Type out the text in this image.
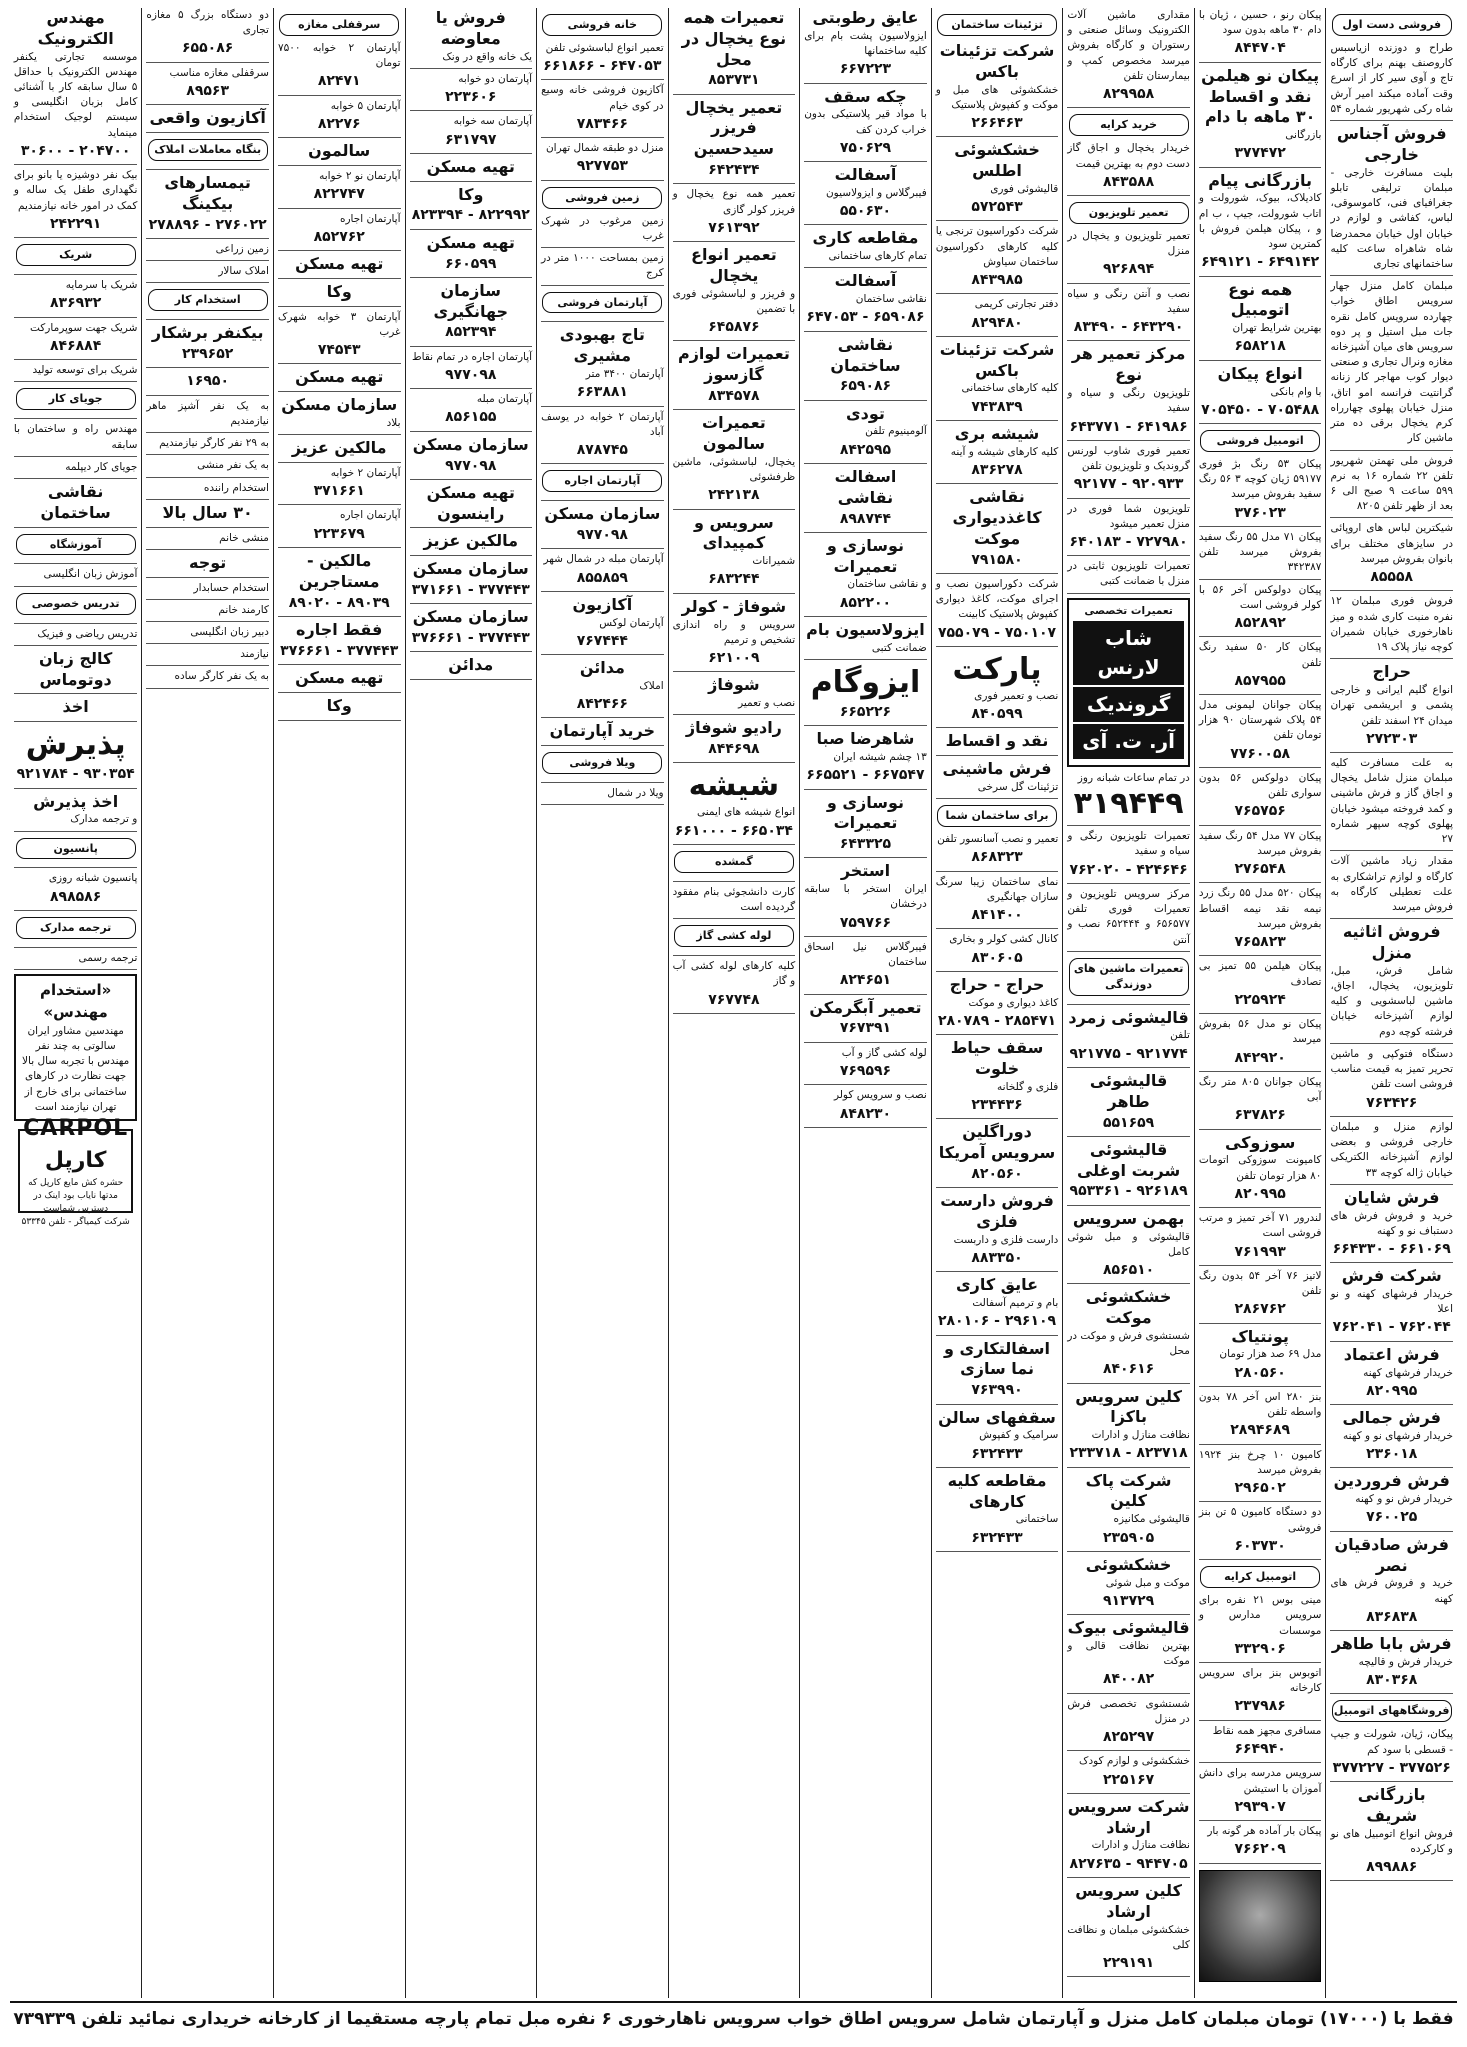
فروشی دست اول
طراح و دوزنده ازیاسبس کاروصنف بهنم برای کارگاه تاج و آوی سیر کار از اسرع وقت آماده میکند امیر آرش شاه رکی شهریور شماره ۵۴
فروش آجناس خارجی
بلیت مسافرت خارجی - مبلمان ترلیفی تابلو جغرافیای فنی، کاموسوقی، لباس، کفاشی و لوازم در خیابان اول خیابان محمدرضا شاه شاهراه ساعت کلیه ساختمانهای تجاری
مبلمان کامل منزل جهار سرویس اطاق خواب چهارده سرویس کامل نقره جات مبل استیل و پر دوه سرویس های میان آشپزخانه مغازه ونرال تجاری و صنعتی دیوار کوب مهاجر کار زنانه گرانتیت فرانسه امو اتاق، منزل خیابان پهلوی چهارراه کرم یخچال برقی ده متر ماشین کار
فروش ملی تهمتن شهریور تلفن ۲۲ شماره ۱۶ به نرم ۵۹۹ ساعت ۹ صبح الی ۶ بعد از ظهر تلفن ۸۲۰۵
شیکترین لباس های اروپائی در سایزهای مختلف برای بانوان بفروش میرسد
۸۵۵۵۸
فروش فوری مبلمان ۱۲ نفره منبت کاری شده و میز ناهارخوری خیابان شمیران کوچه نیاز پلاک ۱۹
حراج
انواع گلیم ایرانی و خارجی پشمی و ابریشمی تهران میدان ۲۴ اسفند تلفن
۲۷۲۳۰۳
به علت مسافرت کلیه مبلمان منزل شامل یخچال و اجاق گاز و فرش ماشینی و کمد فروخته میشود خیابان پهلوی کوچه سپهر شماره ۲۷
مقدار زیاد ماشین آلات کارگاه و لوازم تراشکاری به علت تعطیلی کارگاه به فروش میرسد
فروش اثاثیه منزل
شامل فرش، مبل، تلویزیون، یخچال، اجاق، ماشین لباسشویی و کلیه لوازم آشپزخانه خیابان فرشته کوچه دوم
دستگاه فتوکپی و ماشین تحریر تمیز به قیمت مناسب فروشی است تلفن
۷۶۳۴۲۶
لوازم منزل و مبلمان خارجی فروشی و بعضی لوازم آشپزخانه الکتریکی خیابان ژاله کوچه ۳۳
فرش شایان
خرید و فروش فرش های دستباف نو و کهنه
۶۶۱۰۶۹ - ۶۶۴۳۳۰
شرکت فرش
خریدار فرشهای کهنه و نو اعلا
۷۶۲۰۴۴ - ۷۶۲۰۴۱
فرش اعتماد
خریدار فرشهای کهنه
۸۲۰۹۹۵
فرش جمالی
خریدار فرشهای نو و کهنه
۲۳۶۰۱۸
فرش فروردین
خریدار فرش نو و کهنه
۷۶۰۰۲۵
فرش صادقیان نصر
خرید و فروش فرش های کهنه
۸۳۶۸۳۸
فرش بابا طاهر
خریدار فرش و قالیچه
۸۳۰۳۶۸
فروشگاههای اتومبیل
پیکان، ژیان، شورلت و جیپ - قسطی با سود کم
۳۷۷۵۲۶ - ۳۷۷۲۲۷
بازرگانی شریف
فروش انواع اتومبیل های نو و کارکرده
۸۹۹۸۸۶
پیکان رنو ، حسین ، ژیان با دام ۳۰ ماهه بدون سود
۸۴۴۷۰۴
پیکان نو هیلمن نقد و اقساط ۳۰ ماهه با دام
بازرگانی
۳۷۷۴۷۲
بازرگانی پیام
کادیلاک، بیوک، شورولت و اتاب شورولت، جیپ ، ب ام و ، پیکان هیلمن فروش با کمترین سود
۶۴۹۱۴۲ - ۶۴۹۱۲۱
همه نوع اتومبیل
بهترین شرایط تهران
۶۵۸۲۱۸
انواع پیکان
با وام بانکی
۷۰۵۴۸۸ - ۷۰۵۴۵۰
اتومبیل فروشی
پیکان ۵۳ رنگ بژ فوری ۵۹۱۷۷ ژیان کوچه ۳ ۵۶ رنگ سفید بفروش میرسد
۳۷۶۰۲۳
پیکان ۷۱ مدل ۵۵ رنگ سفید بفروش میرسد تلفن ۳۴۲۳۸۷
پیکان دولوکس آخر ۵۶ با کولر فروشی است
۸۵۲۸۹۲
پیکان کار ۵۰ سفید رنگ تلفن
۸۵۷۹۵۵
پیکان جوانان لیمونی مدل ۵۴ پلاک شهرستان ۹۰ هزار تومان تلفن
۷۷۶۰۰۵۸
پیکان دولوکس ۵۶ بدون سواری تلفن
۷۶۵۷۵۶
پیکان ۷۷ مدل ۵۴ رنگ سفید بفروش میرسد
۲۷۶۵۴۸
پیکان ۵۲۰ مدل ۵۵ رنگ زرد نیمه نقد نیمه اقساط بفروش میرسد
۷۶۵۸۲۳
پیکان هیلمن ۵۵ تمیز بی تصادف
۲۲۵۹۲۴
پیکان نو مدل ۵۶ بفروش میرسد
۸۴۲۹۲۰
پیکان جوانان ۸۰۵ متر رنگ آبی
۶۳۷۸۲۶
سوزوکی
کامیونت سوزوکی اتومات ۸۰ هزار تومان تلفن
۸۲۰۹۹۵
لندرور ۷۱ آخر تمیز و مرتب فروشی است
۷۶۱۹۹۳
لاتیز ۷۶ آخر ۵۴ بدون رنگ تلفن
۲۸۶۷۶۲
پونتیاک
مدل ۶۹ صد هزار تومان
۲۸۰۵۶۰
بنز ۲۸۰ اس آخر ۷۸ بدون واسطه تلفن
۲۸۹۴۶۸۹
کامیون ۱۰ چرخ بنز ۱۹۲۴ بفروش میرسد
۲۹۶۵۰۲
دو دستگاه کامیون ۵ تن بنز فروشی
۶۰۳۷۳۰
اتومبیل کرایه
مینی بوس ۲۱ نفره برای سرویس مدارس و موسسات
۳۳۲۹۰۶
اتوبوس بنز برای سرویس کارخانه
۲۳۷۹۸۶
مسافری مجهز همه نقاط
۶۶۴۹۴۰
سرویس مدرسه برای دانش آموزان با استیشن
۲۹۳۹۰۷
پیکان بار آماده هر گونه بار
۷۶۶۲۰۹
مقداری ماشین آلات الکترونیک وسائل صنعتی و رستوران و کارگاه بفروش میرسد مخصوص کمپ و بیمارستان تلفن
۸۲۹۹۵۸
خرید کرایه
خریدار یخچال و اجاق گاز دست دوم به بهترین قیمت
۸۴۳۵۸۸
تعمیر تلویزیون
تعمیر تلویزیون و یخچال در منزل
۹۲۶۸۹۴
نصب و آنتن رنگی و سیاه سفید
۶۴۳۲۹۰ - ۸۳۴۹۰
مرکز تعمیر هر نوع
تلویزیون رنگی و سیاه و سفید
۶۴۱۹۸۶ - ۶۴۳۷۷۱
تعمیر فوری شاوب لورنس گروندیک و تلویزیون تلفن
۹۲۰۹۳۳ - ۹۲۱۷۷
تلویزیون شما فوری در منزل تعمیر میشود
۷۲۷۹۸۰ - ۶۴۰۱۸۳
تعمیرات تلویزیون ثابتی در منزل با ضمانت کتبی
تعمیرات تخصصی
شاب لارنس
گروندیک
آر. ت. آی
در تمام ساعات شبانه روز
۳۱۹۴۴۹
تعمیرات تلویزیون رنگی و سیاه و سفید
۴۲۴۶۴۶ - ۷۶۲۰۲۰
مرکز سرویس تلویزیون و تعمیرات فوری تلفن ۶۵۶۵۷۷ و ۶۵۲۴۴۴ نصب و آنتن
تعمیرات ماشین های دوزندگی
قالیشوئی زمرد
تلفن
۹۲۱۷۷۴ - ۹۲۱۷۷۵
قالیشوئی طاهر
۵۵۱۶۵۹
قالیشوئی شربت اوغلی
۹۲۶۱۸۹ - ۹۵۳۳۶۱
بهمن سرویس
قالیشوئی و مبل شوئی کامل
۸۵۶۵۱۰
خشکشوئی موکت
شستشوی فرش و موکت در محل
۸۴۰۶۱۶
کلین سرویس باکزا
نظافت منازل و ادارات
۸۲۳۷۱۸ - ۲۳۳۷۱۸
شرکت پاک کلین
قالیشوئی مکانیزه
۲۳۵۹۰۵
خشکشوئی
موکت و مبل شوئی
۹۱۳۷۲۹
قالیشوئی بیوک
بهترین نظافت قالی و موکت
۸۴۰۰۸۲
شستشوی تخصصی فرش در منزل
۸۲۵۲۹۷
خشکشوئی و لوازم کودک
۲۲۵۱۶۷
شرکت سرویس ارشاد
نظافت منازل و ادارات
۹۴۴۷۰۵ - ۸۲۷۶۳۵
کلین سرویس ارشاد
خشکشوئی مبلمان و نظافت کلی
۲۲۹۱۹۱
تزئینات ساختمان
شرکت تزئینات باکس
خشکشوئی های مبل و موکت و کفپوش پلاستیک
۲۶۶۴۶۳
خشکشوئی اطلس
قالیشوئی فوری
۵۷۲۵۴۳
شرکت دکوراسیون ترنجی یا کلیه کارهای دکوراسیون ساختمان سیاوش
۸۴۳۹۸۵
دفتر تجارتی کریمی
۸۲۹۴۸۰
شرکت تزئینات باکس
کلیه کارهای ساختمانی
۷۴۳۸۳۹
شیشه بری
کلیه کارهای شیشه و آینه
۸۳۶۲۷۸
نقاشی کاغذدیواری موکت
۷۹۱۵۸۰
شرکت دکوراسیون نصب و اجرای موکت، کاغذ دیواری کفپوش پلاستیک کابینت
۷۵۰۱۰۷ - ۷۵۵۰۷۹
پارکت
نصب و تعمیر فوری
۸۴۰۵۹۹
نقد و اقساط
فرش ماشینی
تزئینات گل سرخی
برای ساختمان شما
تعمیر و نصب آسانسور تلفن
۸۶۸۳۲۳
نمای ساختمان زیبا سرنگ سازان جهانگیری
۸۴۱۴۰۰
کانال کشی کولر و بخاری
۸۳۰۶۰۵
حراج - حراج
کاغذ دیواری و موکت
۲۸۵۴۷۱ - ۲۸۰۷۸۹
سقف حیاط خلوت
فلزی و گلخانه
۲۳۴۴۳۶
دوراگلین سرویس آمریکا
۸۲۰۵۶۰
فروش دارست فلزی
دارست فلزی و داربست
۸۸۳۳۵۰
عایق کاری
بام و ترمیم آسفالت
۲۹۶۱۰۹ - ۲۸۰۱۰۶
اسفالتکاری و نما سازی
۷۶۳۹۹۰
سقفهای سالن
سرامیک و کفپوش
۶۳۲۴۳۳
مقاطعه کلیه کارهای
ساختمانی
۶۳۲۴۳۳
عایق رطوبتی
ایزولاسیون پشت بام برای کلیه ساختمانها
۶۶۷۲۲۳
چکه سقف
با مواد قیر پلاستیکی بدون خراب کردن کف
۷۵۰۶۲۹
آسفالت
فیبرگلاس و ایزولاسیون
۵۵۰۶۳۰
مقاطعه کاری
تمام کارهای ساختمانی
آسفالت
نقاشی ساختمان
۶۵۹۰۸۶ - ۶۴۷۰۵۳
نقاشی ساختمان
۶۵۹۰۸۶
تودی
آلومینیوم تلفن
۸۴۲۵۹۵
اسفالت نقاشی
۸۹۸۷۴۴
نوسازی و تعمیرات
و نقاشی ساختمان
۸۵۲۲۰۰
ایزولاسیون بام
ضمانت کتبی
ایزوگام
۶۶۵۲۲۶
شاهرضا صبا
۱۳ چشم شیشه ایران
۶۶۷۵۴۷ - ۶۶۵۵۲۱
نوسازی و تعمیرات
۶۴۳۳۲۵
استخر
ایران استخر با سابقه درخشان
۷۵۹۷۶۶
فیبرگلاس نیل اسحاق ساختمان
۸۲۴۶۵۱
تعمیر آبگرمکن
۷۶۷۳۹۱
لوله کشی گاز و آب
۷۶۹۵۹۶
نصب و سرویس کولر
۸۴۸۲۳۰
تعمیرات همه نوع یخچال در محل
۸۵۳۷۳۱
تعمیر یخچال فریزر سیدحسین
۶۴۲۴۳۴
تعمیر همه نوع یخچال و فریزر کولر گازی
۷۶۱۳۹۲
تعمیر انواع یخچال
و فریزر و لباسشوئی فوری با تضمین
۶۴۵۸۷۶
تعمیرات لوازم گازسوز
۸۳۴۵۷۸
تعمیرات سالمون
یخچال، لباسشوئی، ماشین ظرفشوئی
۲۴۲۱۳۸
سرویس و کمپیدای
شمیرانات
۶۸۳۲۴۴
شوفاژ - کولر
سرویس و راه اندازی تشخیص و ترمیم
۶۲۱۰۰۹
شوفاژ
نصب و تعمیر
رادیو شوفاژ
۸۴۴۶۹۸
شیشه
انواع شیشه های ایمنی
۶۶۵۰۳۴ - ۶۶۱۰۰۰
گمشده
کارت دانشجوئی بنام مفقود گردیده است
لوله کشی گاز
کلیه کارهای لوله کشی آب و گاز
۷۶۷۷۴۸
خانه فروشی
تعمیر انواع لباسشوئی تلفن
۶۴۷۰۵۳ - ۶۶۱۸۶۶
آکازیون فروشی خانه وسیع در کوی خیام
۷۸۳۴۶۶
منزل دو طبقه شمال تهران
۹۲۷۷۵۳
زمین فروشی
زمین مرغوب در شهرک غرب
زمین بمساحت ۱۰۰۰ متر در کرج
آپارتمان فروشی
تاج بهبودی مشیری
آپارتمان ۳۴۰۰ متر
۶۶۳۸۸۱
آپارتمان ۲ خوابه در یوسف آباد
۸۷۸۷۴۵
آپارتمان اجاره
سازمان مسکن
۹۷۷۰۹۸
آپارتمان مبله در شمال شهر
۸۵۵۸۵۹
آکازیون
آپارتمان لوکس
۷۶۷۴۴۴
مدائن
املاک
۸۴۲۴۶۶
خرید آپارتمان
ویلا فروشی
ویلا در شمال
فروش یا معاوضه
یک خانه واقع در ونک
آپارتمان دو خوابه
۲۲۳۶۰۶
آپارتمان سه خوابه
۶۳۱۷۹۷
تهیه مسکن
وکا
۸۲۲۹۹۲ - ۸۲۳۳۹۴
تهیه مسکن
۶۶۰۵۹۹
سازمان جهانگیری
۸۵۲۳۹۴
آپارتمان اجاره در تمام نقاط
۹۷۷۰۹۸
آپارتمان مبله
۸۵۶۱۵۵
سازمان مسکن
۹۷۷۰۹۸
تهیه مسکن راینسون
مالکین عزیز
سازمان مسکن
۳۷۷۴۴۳ - ۳۷۱۶۶۱
سازمان مسکن
۳۷۷۴۴۳ - ۳۷۶۶۶۱
مدائن
سرقفلی مغازه
آپارتمان ۲ خوابه ۷۵۰۰ تومان
۸۲۴۷۱
آپارتمان ۵ خوابه
۸۲۲۷۶
سالمون
آپارتمان نو ۲ خوابه
۸۲۲۷۴۷
آپارتمان اجاره
۸۵۲۷۶۲
تهیه مسکن
وکا
آپارتمان ۳ خوابه شهرک غرب
۷۴۵۴۳
تهیه مسکن
سازمان مسکن
بلاد
مالکین عزیز
آپارتمان ۲ خوابه
۳۷۱۶۶۱
آپارتمان اجاره
۲۲۳۶۷۹
مالکین - مستاجرین
۸۹۰۳۹ - ۸۹۰۲۰
فقط اجاره
۳۷۷۴۴۳ - ۳۷۶۶۶۱
تهیه مسکن
وکا
دو دستگاه بزرگ ۵ مغازه تجاری
۶۵۵۰۸۶
سرقفلی مغازه مناسب
۸۹۵۶۳
آکازیون واقعی
بنگاه معاملات املاک
تیمسارهای بیکینگ
۲۷۶۰۲۲ - ۲۷۸۸۹۶
زمین زراعی
املاک سالار
استخدام کار
بیکنفر برشکار
۲۳۹۶۵۲
۱۶۹۵۰
به یک نفر آشپز ماهر نیازمندیم
به ۲۹ نفر کارگر نیازمندیم
به یک نفر منشی
استخدام راننده
۳۰ سال بالا
منشی خانم
توجه
استخدام حسابدار
کارمند خانم
دبیر زبان انگلیسی
نیازمند
به یک نفر کارگر ساده
مهندس الکترونیک
موسسه تجارتی یکنفر مهندس الکترونیک با حداقل ۵ سال سابقه کار با آشنائی کامل بزبان انگلیسی و سیستم لوجیک استخدام مینماید
۲۰۴۷۰۰ - ۳۰۶۰۰
بیک نفر دوشیزه یا بانو برای نگهداری طفل یک ساله و کمک در امور خانه نیازمندیم
۲۴۲۲۹۱
شریک
شریک با سرمایه
۸۳۶۹۳۲
شریک جهت سوپرمارکت
۸۴۶۸۸۴
شریک برای توسعه تولید
جویای کار
مهندس راه و ساختمان با سابقه
جویای کار دیپلمه
نقاشی ساختمان
آموزشگاه
آموزش زبان انگلیسی
تدریس خصوصی
تدریس ریاضی و فیزیک
کالج زبان دوتوماس
اخذ
پذیرش
۹۳۰۳۵۴ - ۹۲۱۷۸۴
اخذ پذیرش
و ترجمه مدارک
پانسیون
پانسیون شبانه روزی
۸۹۸۵۸۶
ترجمه مدارک
ترجمه رسمی
«استخدام مهندس»
مهندسین مشاور ایران سالوتی به چند نفر مهندس با تجربه سال بالا جهت نظارت در کارهای ساختمانی برای خارج از تهران نیازمند است
CARPOL کارپل
حشره کش مایع کارپل که مدتها نایاب بود اینک در دسترس شماست
شرکت کیمیاگر - تلفن ۵۳۳۴۵
فقط با (۱۷۰۰۰) تومان مبلمان کامل منزل و آپارتمان شامل سرویس اطاق خواب سرویس ناهارخوری ۶ نفره مبل تمام پارچه مستقیما از کارخانه خریداری نمائید تلفن ۷۳۹۳۳۹
